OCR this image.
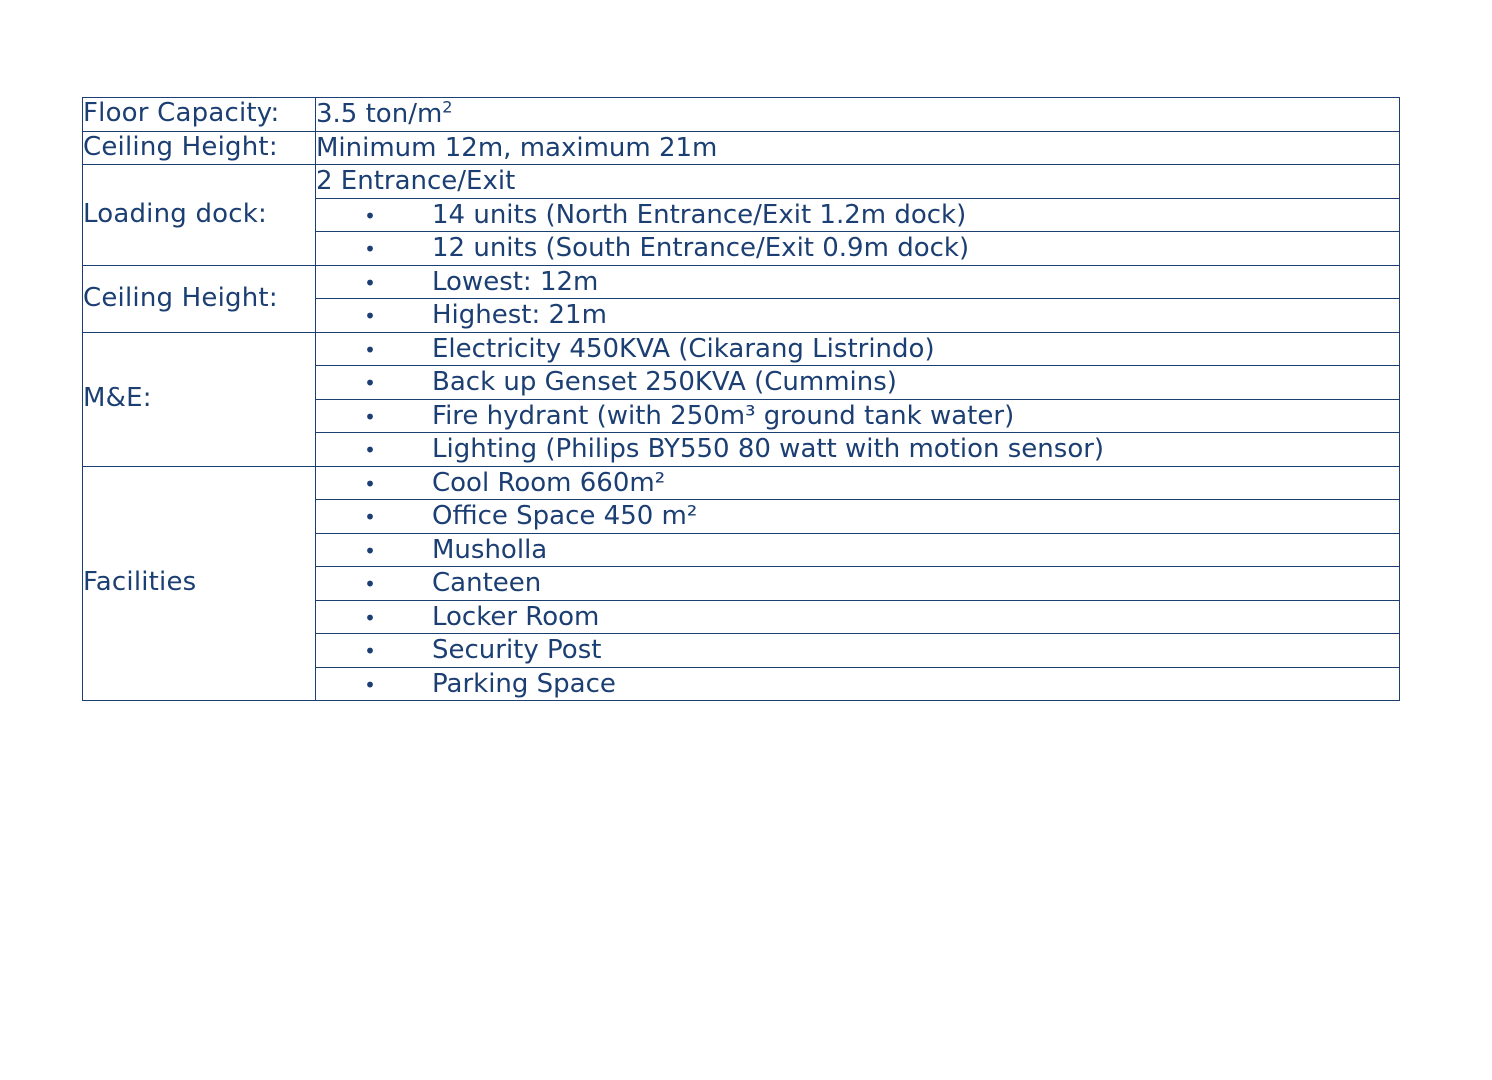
Floor Capacity:	3.5 ton/$m^2$
Ceiling Height:	Minimum 12m, maximum 21m
Loading dock:	2 Entrance/Exit

	• 14 units (North Entrance/Exit 1.2m dock)

	• 12 units (South Entrance/Exit 0.9m dock)

Ceiling Height:	• Lowest: 12m

	• Highest: 21m

M&E:	• Electricity 450KVA (Cikarang Listrindo)

	• Back up Genset 250KVA (Cummins)

	• Fire hydrant (with 250m³ ground tank water)

	• Lighting (Philips BY550 80 watt with motion sensor)

Facilities	• Cool Room 660m²

	• Office Space 450 m²

	• Musholla

	• Canteen

	• Locker Room

	• Security Post

	• Parking Space
